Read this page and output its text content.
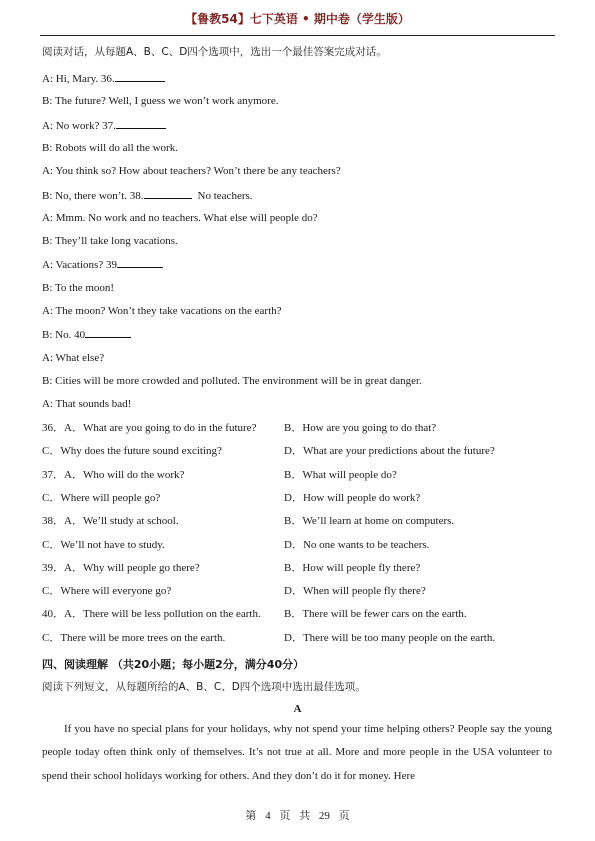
【鲁教54】七下英语 • 期中卷（学生版）
阅读对话，从每题A、B、C、D四个选项中，选出一个最佳答案完成对话。
A: Hi, Mary. 36.
B: The future? Well, I guess we won’t work anymore.
A: No work? 37.
B: Robots will do all the work.
A: You think so? How about teachers? Won’t there be any teachers?
B: No, there won’t. 38.	No teachers.
A: Mmm. No work and no teachers. What else will people do?
B: They’ll take long vacations.
A: Vacations? 39
B: To the moon!
A: The moon? Won’t they take vacations on the earth?
B: No. 40
A: What else?
B: Cities will be more crowded and polluted. The environment will be in great danger.
A: That sounds bad!
36．A．What are you going to do in the future?	B．How are you going to do that?
C．Why does the future sound exciting?	D．What are your predictions about the future?
37．A．Who will do the work?	B．What will people do?
C．Where will people go?	D．How will people do work?
38．A．We’ll study at school.	B．We’ll learn at home on computers.
C．We’ll not have to study.	D．No one wants to be teachers.
39．A．Why will people go there?	B．How will people fly there?
C．Where will everyone go?	D．When will people fly there?
40．A．There will be less pollution on the earth. B．There will be fewer cars on the earth.
C．There will be more trees on the earth.	D．There will be too many people on the earth.
四、阅读理解 （共20小题；每小题2分，满分40分）
阅读下列短文，从每题所给的A、B、C、D四个选项中选出最佳选项。
A
If you have no special plans for your holidays, why not spend your time helping others? People say the young people today often think only of themselves. It’s not true at all. More and more people in the USA volunteer to spend their school holidays working for others. And they don’t do it for money. Here
第 4 页 共 29 页
